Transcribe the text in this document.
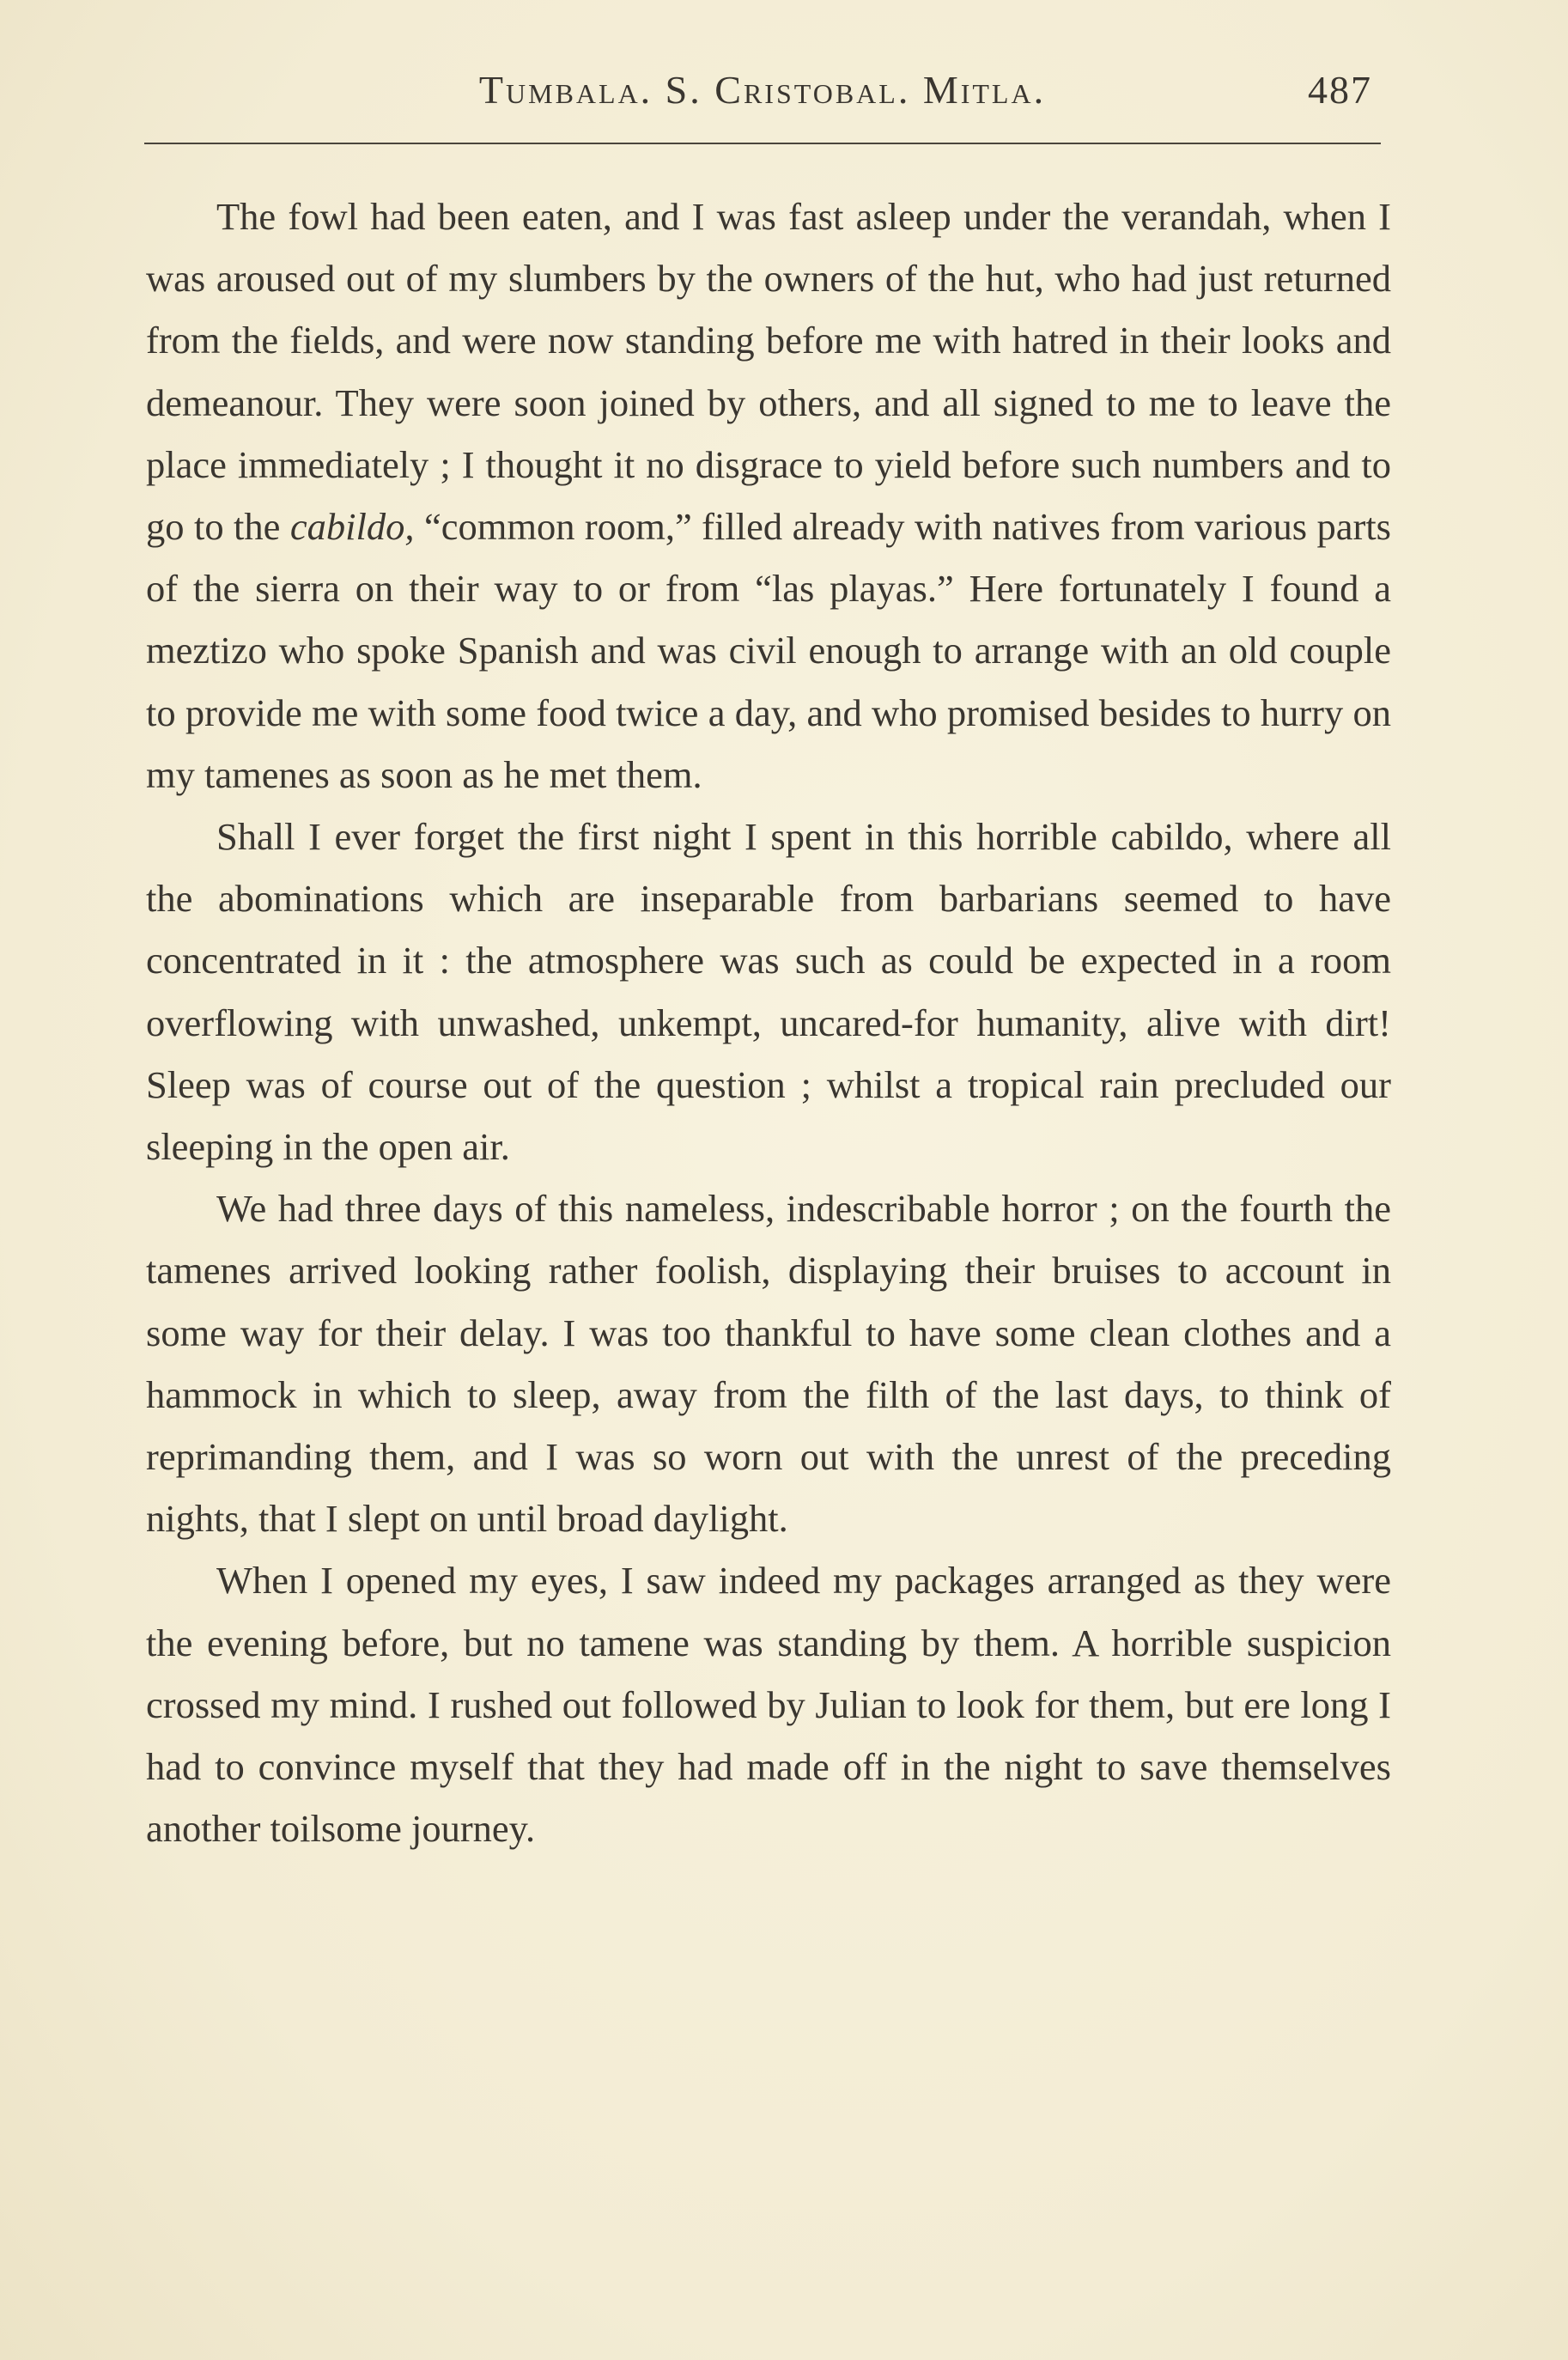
Tumbala. S. Cristobal. Mitla.	487

The fowl had been eaten, and I was fast asleep under the verandah, when I was aroused out of my slumbers by the owners of the hut, who had just returned from the fields, and were now standing before me with hatred in their looks and demeanour. They were soon joined by others, and all signed to me to leave the place immediately ; I thought it no disgrace to yield before such numbers and to go to the cabildo, “common room,” filled already with natives from various parts of the sierra on their way to or from “las playas.” Here fortunately I found a meztizo who spoke Spanish and was civil enough to arrange with an old couple to provide me with some food twice a day, and who promised besides to hurry on my tamenes as soon as he met them.

Shall I ever forget the first night I spent in this horrible cabildo, where all the abominations which are inseparable from barbarians seemed to have concentrated in it : the atmosphere was such as could be expected in a room overflowing with unwashed, unkempt, uncared-for humanity, alive with dirt! Sleep was of course out of the question ; whilst a tropical rain precluded our sleeping in the open air.

We had three days of this nameless, indescribable horror ; on the fourth the tamenes arrived looking rather foolish, displaying their bruises to account in some way for their delay. I was too thankful to have some clean clothes and a hammock in which to sleep, away from the filth of the last days, to think of reprimanding them, and I was so worn out with the unrest of the preceding nights, that I slept on until broad daylight.

When I opened my eyes, I saw indeed my packages arranged as they were the evening before, but no tamene was standing by them. A horrible suspicion crossed my mind. I rushed out followed by Julian to look for them, but ere long I had to convince myself that they had made off in the night to save themselves another toilsome journey.
